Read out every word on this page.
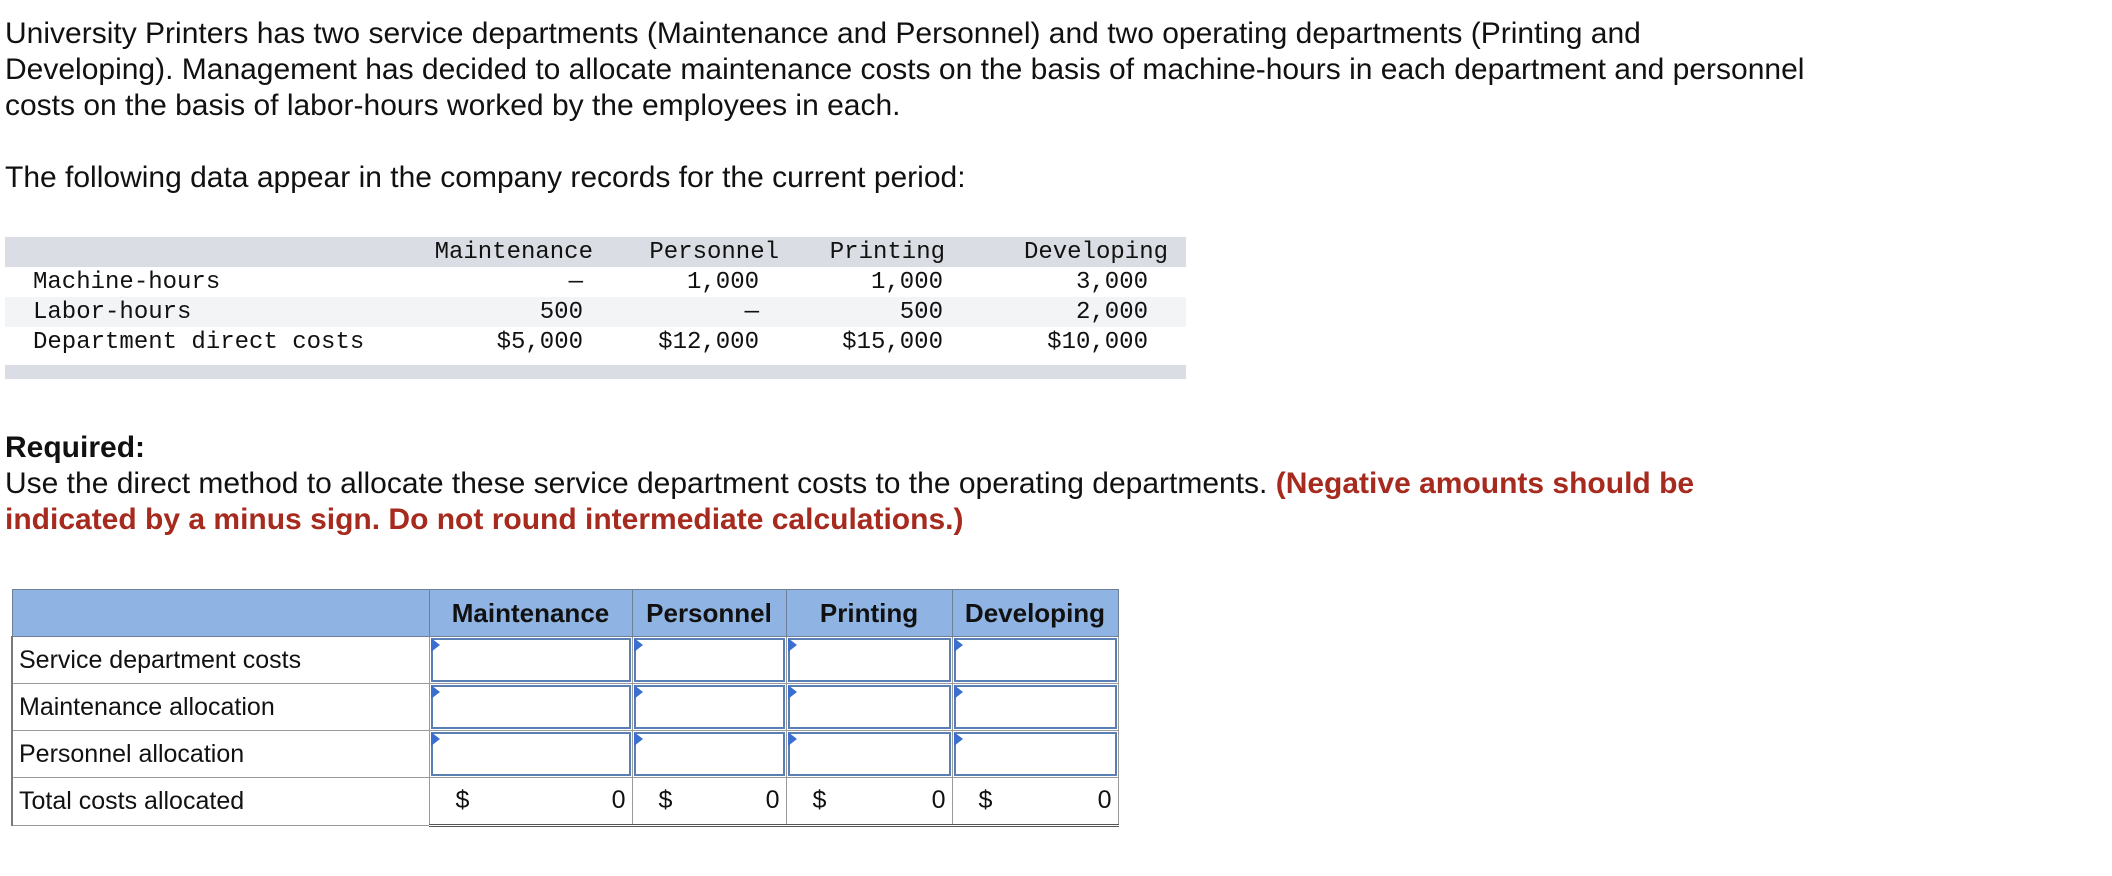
University Printers has two service departments (Maintenance and Personnel) and two operating departments (Printing and Developing). Management has decided to allocate maintenance costs on the basis of machine-hours in each department and personnel costs on the basis of labor-hours worked by the employees in each.

The following data appear in the company records for the current period:

	Maintenance	Personnel	Printing	Developing
Machine-hours	—	1,000	1,000	3,000
Labor-hours	500	—	500	2,000
Department direct costs	$5,000	$12,000	$15,000	$10,000

Required:

Use the direct method to allocate these service department costs to the operating departments. (Negative amounts should be indicated by a minus sign. Do not round intermediate calculations.)

	Maintenance	Personnel	Printing	Developing
Service department costs	

Maintenance allocation	

Personnel allocation	

Total costs allocated	$ 0	$ 0	$ 0	$ 0
